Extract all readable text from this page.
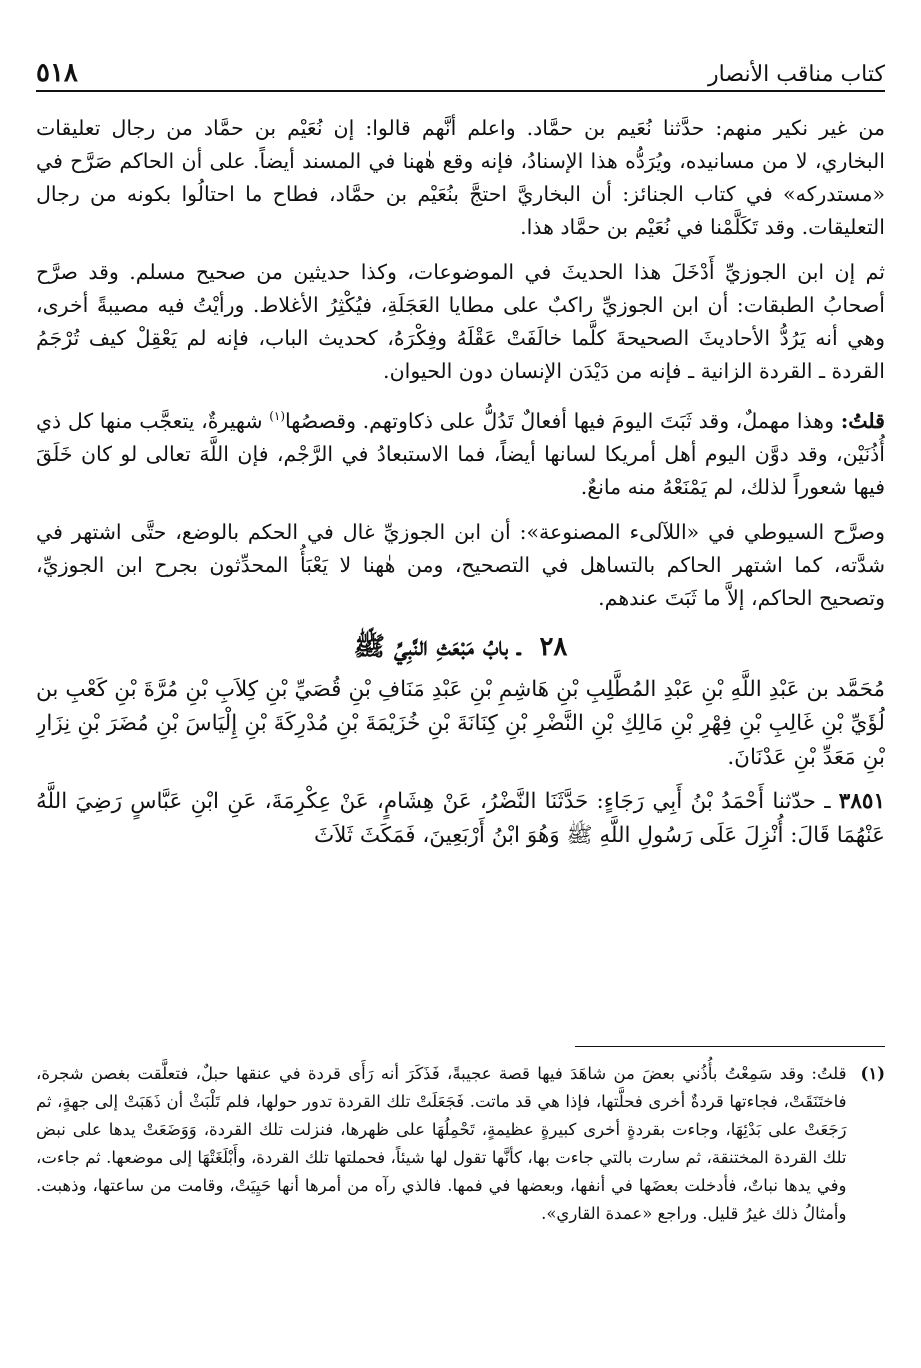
كتاب مناقب الأنصار
٥١٨

من غير نكير منهم: حدَّثنا نُعَيم بن حمَّاد. واعلم أنَّهم قالوا: إن نُعَيْم بن حمَّاد من رجال تعليقات البخاري، لا من مسانيده، ويُرَدُّه هذا الإسنادُ، فإنه وقع هٰهنا في المسند أيضاً. على أن الحاكم صَرَّح في «مستدركه» في كتاب الجنائز: أن البخاريَّ احتجَّ بنُعَيْم بن حمَّاد، فطاح ما احتالُوا بكونه من رجال التعليقات. وقد تَكَلَّمْنا في نُعَيْم بن حمَّاد هذا.

ثم إن ابن الجوزيِّ أَدْخَلَ هذا الحديثَ في الموضوعات، وكذا حديثين من صحيح مسلم. وقد صرَّح أصحابُ الطبقات: أن ابن الجوزيِّ راكبٌ على مطايا العَجَلَةِ، فيُكْثِرُ الأغلاط. ورأيْتُ فيه مصيبةً أخرى، وهي أنه يَرُدُّ الأحاديثَ الصحيحةَ كلَّما خالَفَتْ عَقْلَهُ وفِكْرَهُ، كحديث الباب، فإنه لم يَعْقِلْ كيف تُرْجَمُ القردة ـ القردة الزانية ـ فإنه من دَيْدَن الإنسان دون الحيوان.

قلتُ: وهذا مهملٌ، وقد ثَبَتَ اليومَ فيها أفعالٌ تَدُلُّ على ذكاوتهم. وقصصُها$^{(١)}$ شهيرةٌ، يتعجَّب منها كل ذي أُذُنَيْن، وقد دوَّن اليوم أهل أمريكا لسانها أيضاً، فما الاستبعادُ في الرَّجْم، فإن اللَّهَ تعالى لو كان خَلَقَ فيها شعوراً لذلك، لم يَمْنَعْهُ منه مانعٌ.

وصرَّح السيوطي في «اللآلىء المصنوعة»: أن ابن الجوزيِّ غال في الحكم بالوضع، حتَّى اشتهر في شدَّته، كما اشتهر الحاكم بالتساهل في التصحيح، ومن هٰهنا لا يَعْبَأُ المحدِّثون بجرح ابن الجوزيِّ، وتصحيح الحاكم، إلاَّ ما ثَبَتَ عندهم.

٢٨ ـ بابُ مَبْعَثِ النَّبِيِّ ﷺ

مُحَمَّد بن عَبْدِ اللَّهِ بْنِ عَبْدِ المُطَّلِبِ بْنِ هَاشِمِ بْنِ عَبْدِ مَنَافِ بْنِ قُصَيِّ بْنِ كِلاَبِ بْنِ مُرَّةَ بْنِ كَعْبِ بن لُؤَيِّ بْنِ غَالِبِ بْنِ فِهْرِ بْنِ مَالِكِ بْنِ النَّضْرِ بْنِ كِنَانَةَ بْنِ خُزَيْمَةَ بْنِ مُدْرِكَةَ بْنِ إِلْيَاسَ بْنِ مُضَرَ بْنِ نِزَارِ بْنِ مَعَدِّ بْنِ عَدْنَانَ.

٣٨٥١ ـ حدّثنا أَحْمَدُ بْنُ أَبِي رَجَاءٍ: حَدَّثَنَا النَّضْرُ، عَنْ هِشَامٍ، عَنْ عِكْرِمَةَ، عَنِ ابْنِ عَبَّاسٍ رَضِيَ اللَّهُ عَنْهُمَا قَالَ: أُنْزِلَ عَلَى رَسُولِ اللَّهِ ﷺ وَهُوَ ابْنُ أَرْبَعِينَ، فَمَكَثَ ثَلاَثَ

(١)
قلتُ: وقد سَمِعْتُ بأُذُني بعضَ من شاهَدَ فيها قصة عجيبةً، فَذَكَرَ أنه رَأَى قردة في عنقها حبلٌ، فتعلَّقت بغصن شجرة، فاختَنَقَتْ، فجاءتها قردةٌ أخرى فحلَّتها، فإذا هي قد ماتت. فَجَعَلَتْ تلك القردة تدور حولها، فلم تَلْبَثْ أن ذَهَبَتْ إلى جهةٍ، ثم رَجَعَتْ على بَدْئِهَا، وجاءت بقردةٍ أخرى كبيرةٍ عظيمةٍ، تَحْمِلُهَا على ظهرها، فنزلت تلك القردة، وَوَضَعَتْ يدها على نبض تلك القردة المختنقة، ثم سارت بالتي جاءت بها، كأنَّها تقول لها شيئاً، فحملتها تلك القردة، وأَبْلَغَتْهَا إلى موضعها. ثم جاءت، وفي يدها نباتٌ، فأدخلت بعضَها في أنفها، وبعضها في فمها. فالذي رآه من أمرها أنها حَيِيَتْ، وقامت من ساعتها، وذهبت. وأمثالُ ذلك غيرُ قليل. وراجع «عمدة القاري».
